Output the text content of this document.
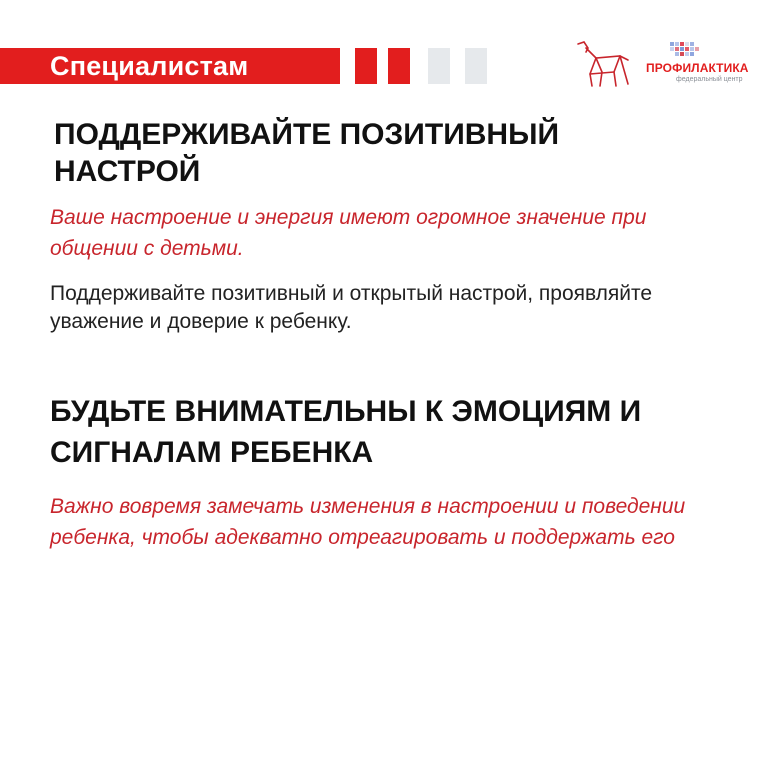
Специалистам	ПРОФИЛАКТИКА
федеральный центр
ПОДДЕРЖИВАЙТЕ ПОЗИТИВНЫЙ НАСТРОЙ

Ваше настроение и энергия имеют огромное значение при общении с детьми.

Поддерживайте позитивный и открытый настрой, проявляйте уважение и доверие к ребенку.

БУДЬТЕ ВНИМАТЕЛЬНЫ К ЭМОЦИЯМ И СИГНАЛАМ РЕБЕНКА

Важно вовремя замечать изменения в настроении и поведении ребенка, чтобы адекватно отреагировать и поддержать его
